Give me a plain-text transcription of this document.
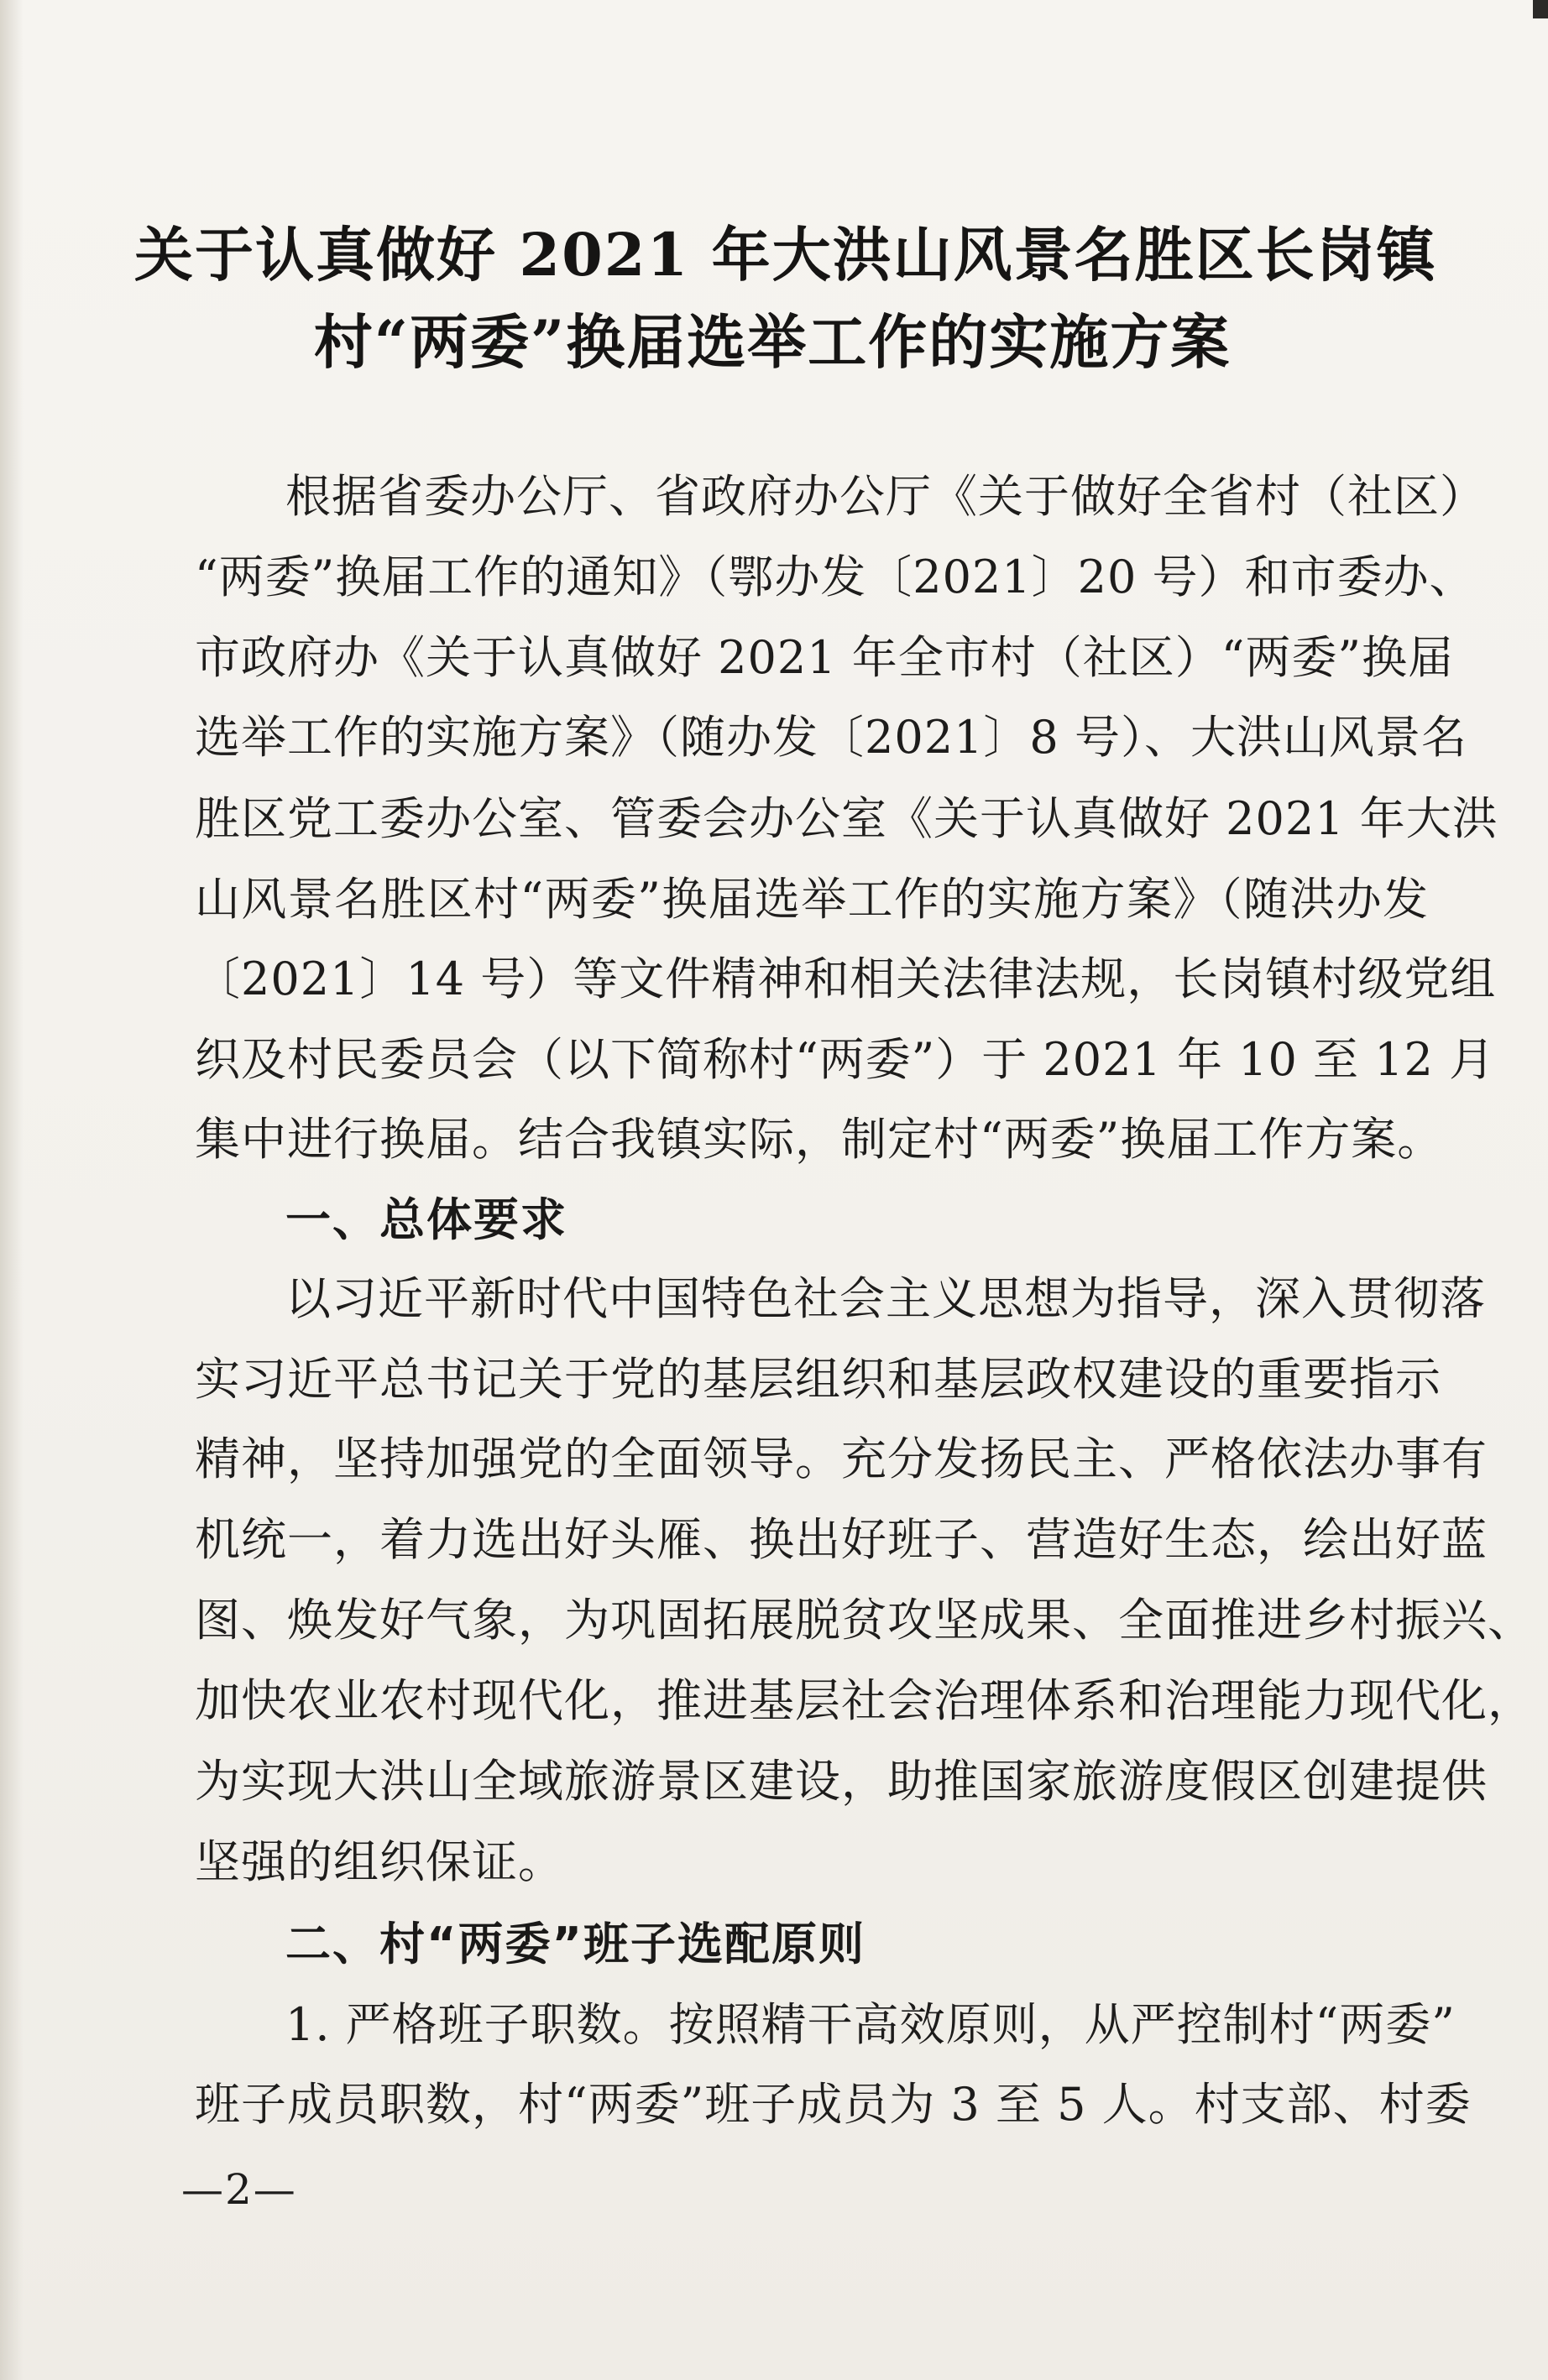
关于认真做好 2021 年大洪山风景名胜区长岗镇
村“两委”换届选举工作的实施方案
根据省委办公厅、省政府办公厅《关于做好全省村（社区）
“两委”换届工作的通知》（鄂办发〔2021〕20 号）和市委办、
市政府办《关于认真做好 2021 年全市村（社区）“两委”换届
选举工作的实施方案》（随办发〔2021〕8 号）、大洪山风景名
胜区党工委办公室、管委会办公室《关于认真做好 2021 年大洪
山风景名胜区村“两委”换届选举工作的实施方案》（随洪办发
〔2021〕14 号）等文件精神和相关法律法规，长岗镇村级党组
织及村民委员会（以下简称村“两委”）于 2021 年 10 至 12 月
集中进行换届。结合我镇实际，制定村“两委”换届工作方案。
一、总体要求
以习近平新时代中国特色社会主义思想为指导，深入贯彻落
实习近平总书记关于党的基层组织和基层政权建设的重要指示
精神，坚持加强党的全面领导。充分发扬民主、严格依法办事有
机统一，着力选出好头雁、换出好班子、营造好生态，绘出好蓝
图、焕发好气象，为巩固拓展脱贫攻坚成果、全面推进乡村振兴、
加快农业农村现代化，推进基层社会治理体系和治理能力现代化，
为实现大洪山全域旅游景区建设，助推国家旅游度假区创建提供
坚强的组织保证。
二、村“两委”班子选配原则
1. 严格班子职数。按照精干高效原则，从严控制村“两委”
班子成员职数，村“两委”班子成员为 3 至 5 人。村支部、村委
—2—
